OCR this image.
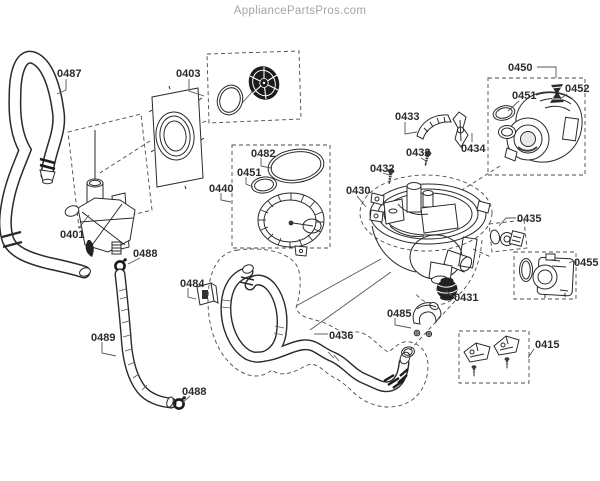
AppliancePartsPros.com
0487	0403	0450
0451
0452
0433
0432	0434
0432
0430
0482
0451
0440
0401
0488
0484
0435
0455
0431
0485
0489	0436
0488
0415
